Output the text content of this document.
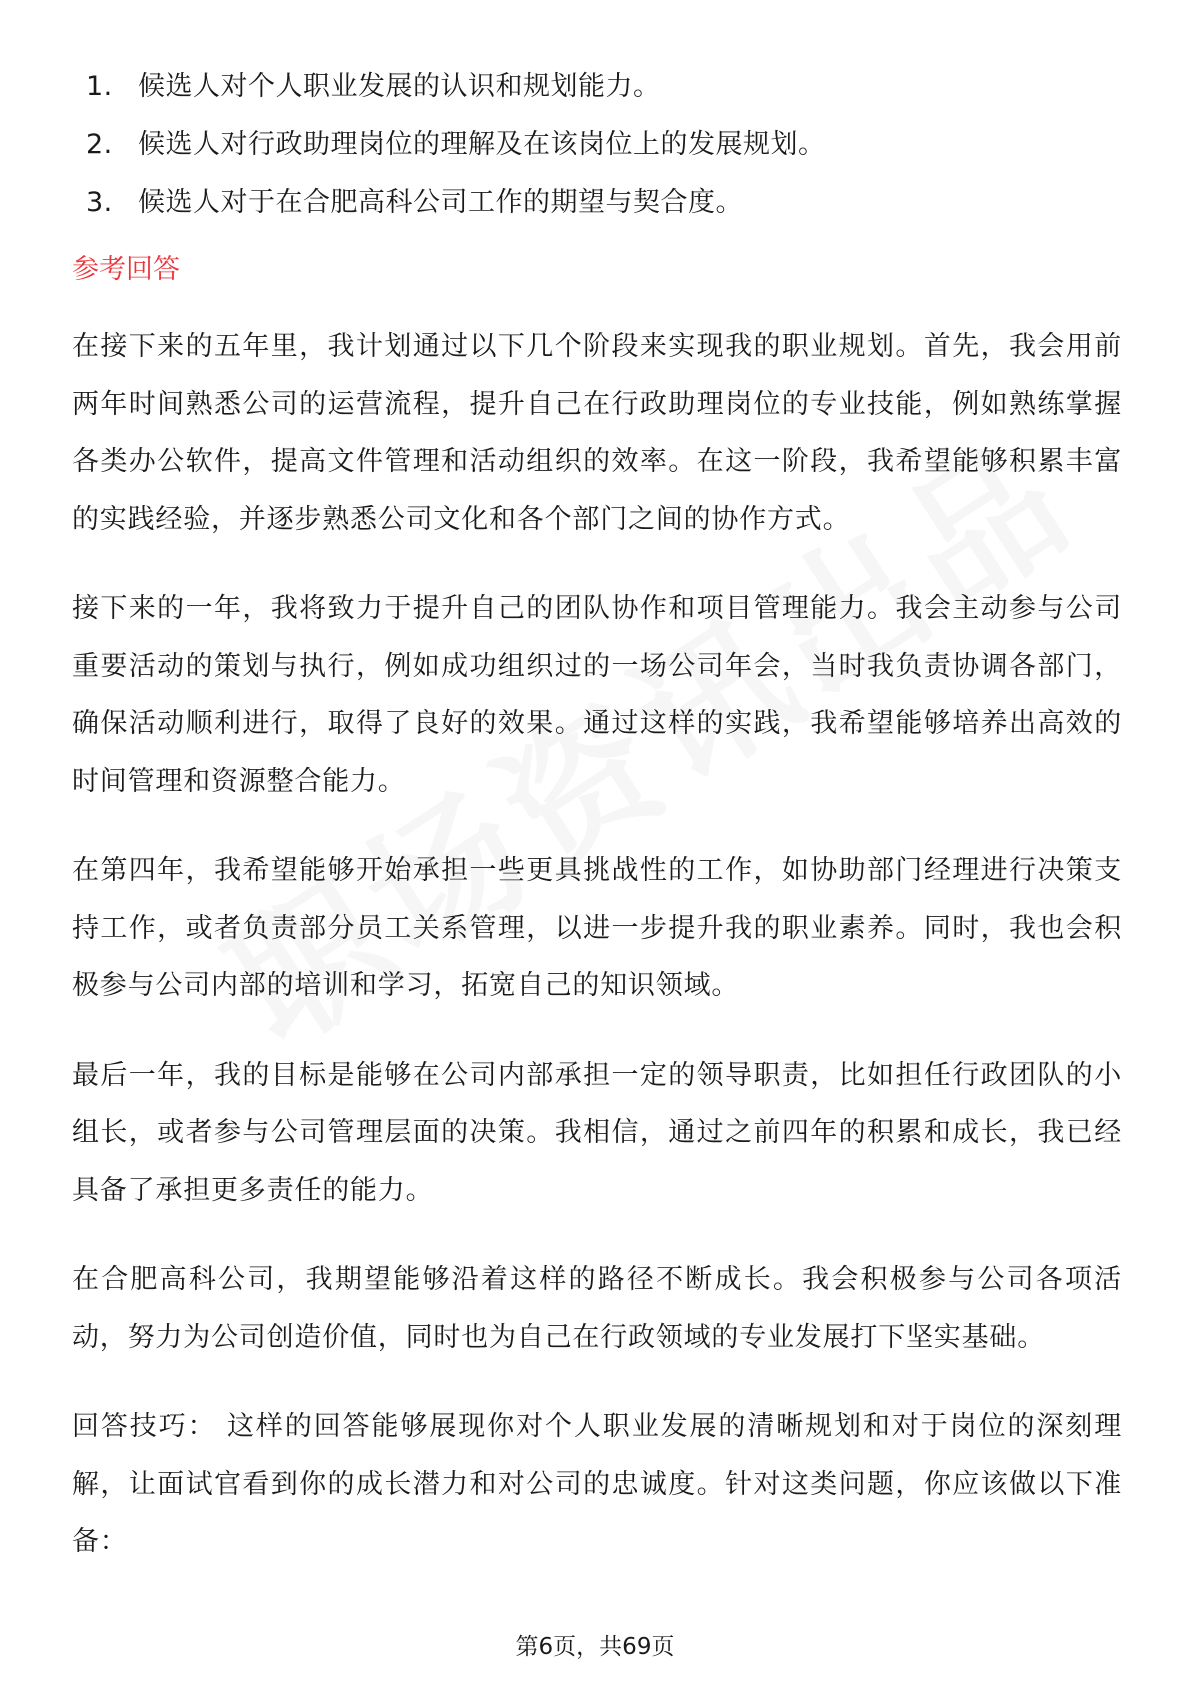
1. 候选人对个人职业发展的认识和规划能力。
2. 候选人对行政助理岗位的理解及在该岗位上的发展规划。
3. 候选人对于在合肥高科公司工作的期望与契合度。
参考回答

在接下来的五年里，我计划通过以下几个阶段来实现我的职业规划。首先，我会用前两年时间熟悉公司的运营流程，提升自己在行政助理岗位的专业技能，例如熟练掌握各类办公软件，提高文件管理和活动组织的效率。在这一阶段，我希望能够积累丰富的实践经验，并逐步熟悉公司文化和各个部门之间的协作方式。

接下来的一年，我将致力于提升自己的团队协作和项目管理能力。我会主动参与公司重要活动的策划与执行，例如成功组织过的一场公司年会，当时我负责协调各部门，确保活动顺利进行，取得了良好的效果。通过这样的实践，我希望能够培养出高效的时间管理和资源整合能力。

在第四年，我希望能够开始承担一些更具挑战性的工作，如协助部门经理进行决策支持工作，或者负责部分员工关系管理，以进一步提升我的职业素养。同时，我也会积极参与公司内部的培训和学习，拓宽自己的知识领域。

最后一年，我的目标是能够在公司内部承担一定的领导职责，比如担任行政团队的小组长，或者参与公司管理层面的决策。我相信，通过之前四年的积累和成长，我已经具备了承担更多责任的能力。

在合肥高科公司，我期望能够沿着这样的路径不断成长。我会积极参与公司各项活动，努力为公司创造价值，同时也为自己在行政领域的专业发展打下坚实基础。

回答技巧： 这样的回答能够展现你对个人职业发展的清晰规划和对于岗位的深刻理解，让面试官看到你的成长潜力和对公司的忠诚度。针对这类问题，你应该做以下准备：

第6页，共69页
